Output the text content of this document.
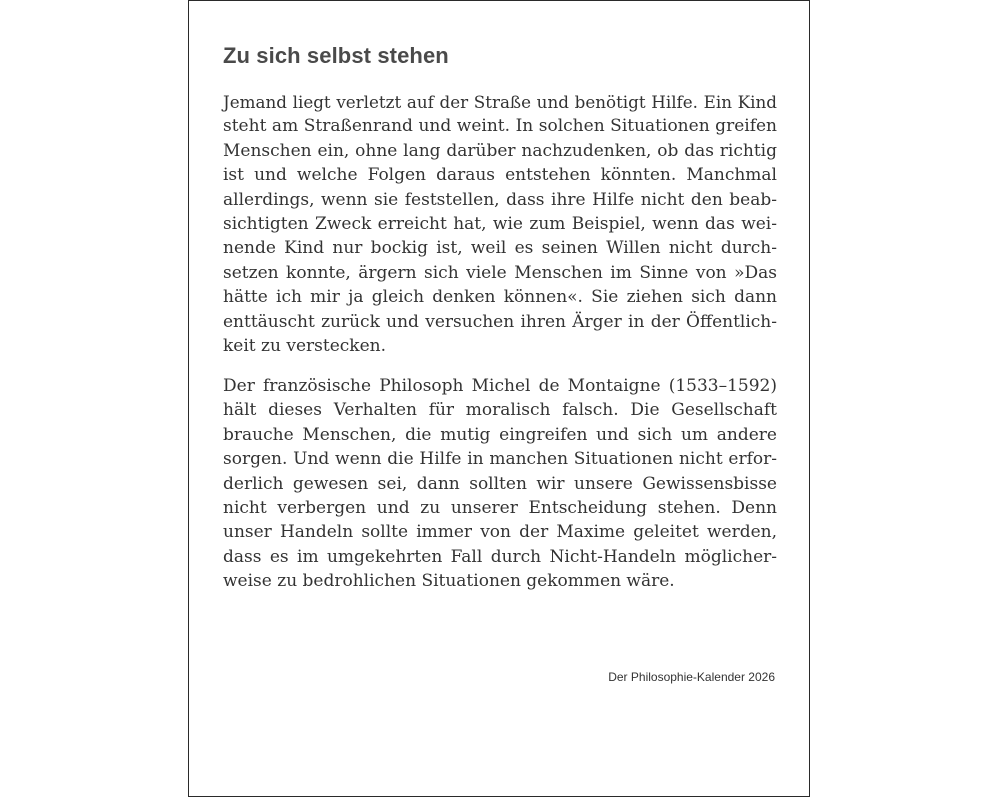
Zu sich selbst stehen

Jemand liegt verletzt auf der Straße und benötigt Hilfe. Ein Kind
steht am Straßenrand und weint. In solchen Situationen greifen
Menschen ein, ohne lang darüber nachzudenken, ob das richtig
ist und welche Folgen daraus entstehen könnten. Manchmal
allerdings, wenn sie feststellen, dass ihre Hilfe nicht den beab-
sichtigten Zweck erreicht hat, wie zum Beispiel, wenn das wei-
nende Kind nur bockig ist, weil es seinen Willen nicht durch-
setzen konnte, ärgern sich viele Menschen im Sinne von »Das
hätte ich mir ja gleich denken können«. Sie ziehen sich dann
enttäuscht zurück und versuchen ihren Ärger in der Öffentlich-
keit zu verstecken.

Der französische Philosoph Michel de Montaigne (1533–1592)
hält dieses Verhalten für moralisch falsch. Die Gesellschaft
brauche Menschen, die mutig eingreifen und sich um andere
sorgen. Und wenn die Hilfe in manchen Situationen nicht erfor-
derlich gewesen sei, dann sollten wir unsere Gewissensbisse
nicht verbergen und zu unserer Entscheidung stehen. Denn
unser Handeln sollte immer von der Maxime geleitet werden,
dass es im umgekehrten Fall durch Nicht-Handeln möglicher-
weise zu bedrohlichen Situationen gekommen wäre.

Der Philosophie-Kalender 2026
